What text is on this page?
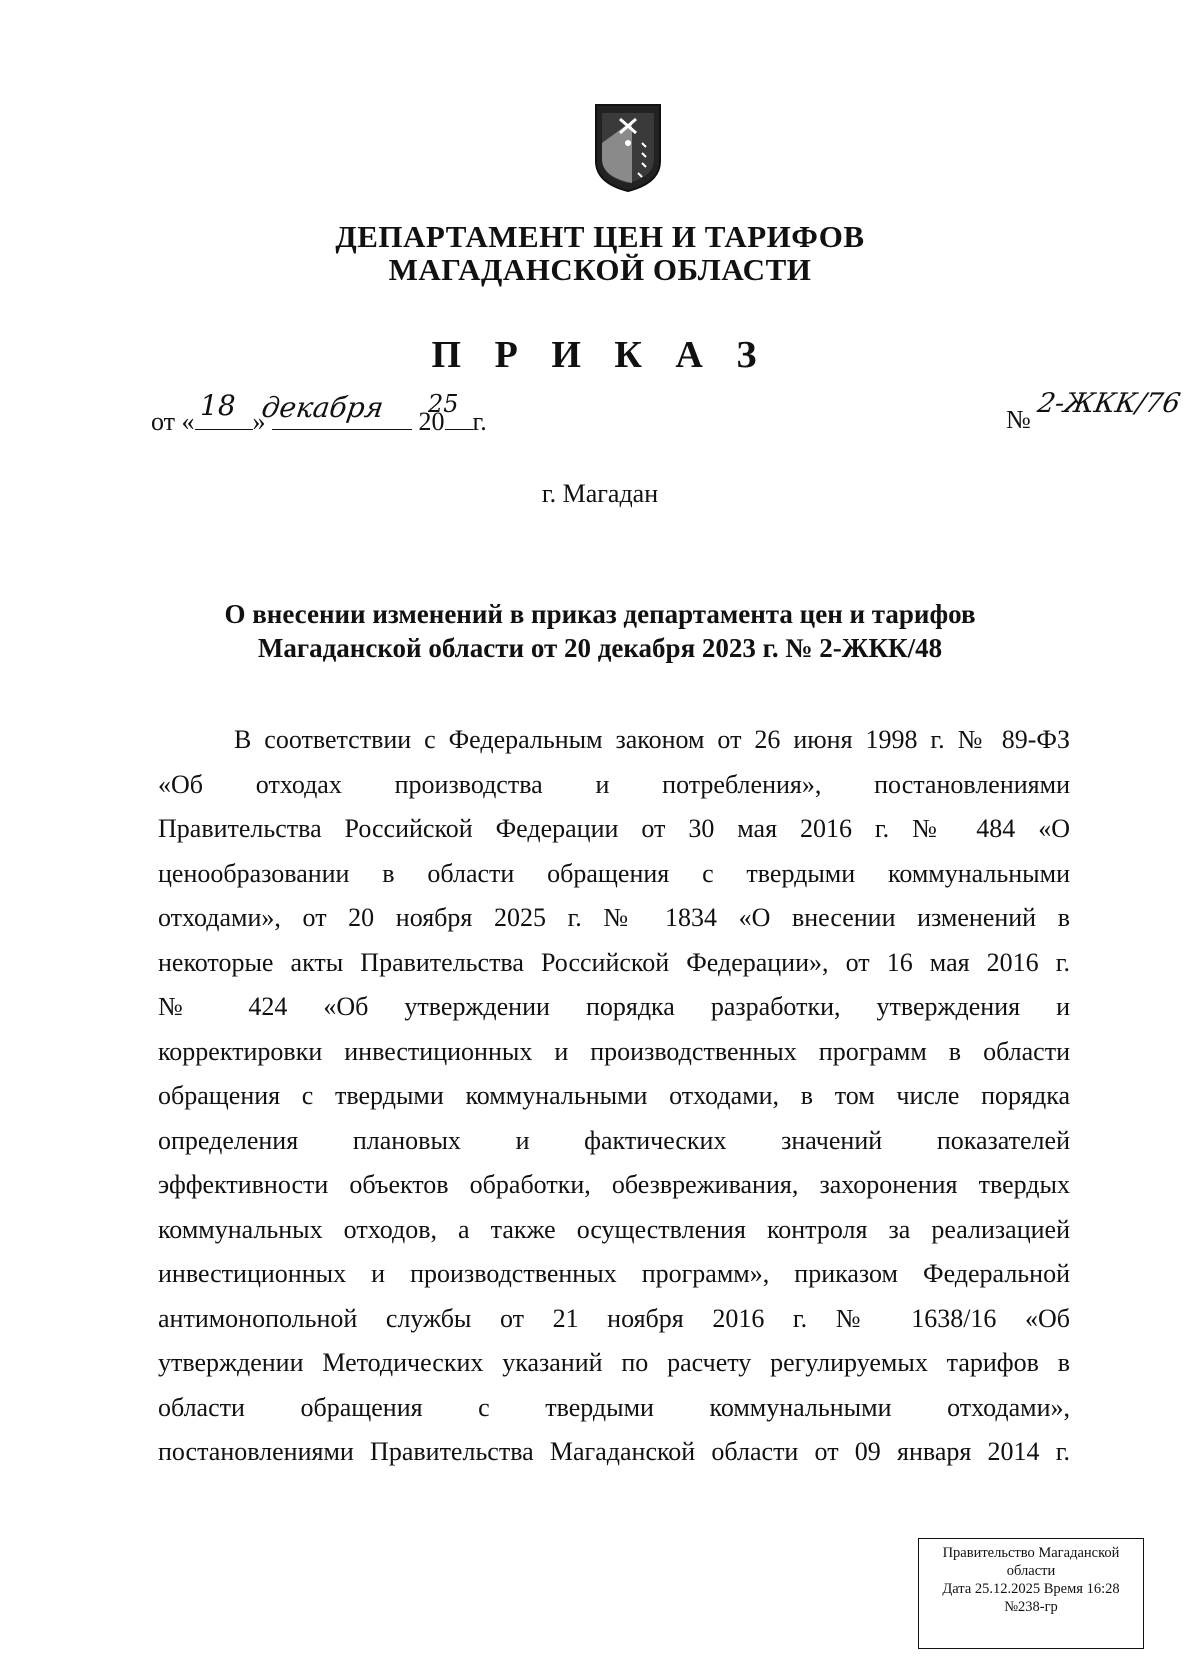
ДЕПАРТАМЕНТ ЦЕН И ТАРИФОВ
МАГАДАНСКОЙ ОБЛАСТИ
П Р И К А З
от « »	20 г.
18 декабря 25
№
2-ЖКК/76
г. Магадан
О внесении изменений в приказ департамента цен и тарифов
Магаданской области от 20 декабря 2023 г. № 2-ЖКК/48
В соответствии с Федеральным законом от 26 июня 1998 г. № 89-ФЗ
«Об отходах производства и потребления», постановлениями
Правительства Российской Федерации от 30 мая 2016 г. № 484 «О
ценообразовании в области обращения с твердыми коммунальными
отходами», от 20 ноября 2025 г. № 1834 «О внесении изменений в
некоторые акты Правительства Российской Федерации», от 16 мая 2016 г.
№ 424 «Об утверждении порядка разработки, утверждения и
корректировки инвестиционных и производственных программ в области
обращения с твердыми коммунальными отходами, в том числе порядка
определения плановых и фактических значений показателей
эффективности объектов обработки, обезвреживания, захоронения твердых
коммунальных отходов, а также осуществления контроля за реализацией
инвестиционных и производственных программ», приказом Федеральной
антимонопольной службы от 21 ноября 2016 г. № 1638/16 «Об
утверждении Методических указаний по расчету регулируемых тарифов в
области обращения с твердыми коммунальными отходами»,
постановлениями Правительства Магаданской области от 09 января 2014 г.
Правительство Магаданской
области
Дата 25.12.2025 Время 16:28
№238-гр
